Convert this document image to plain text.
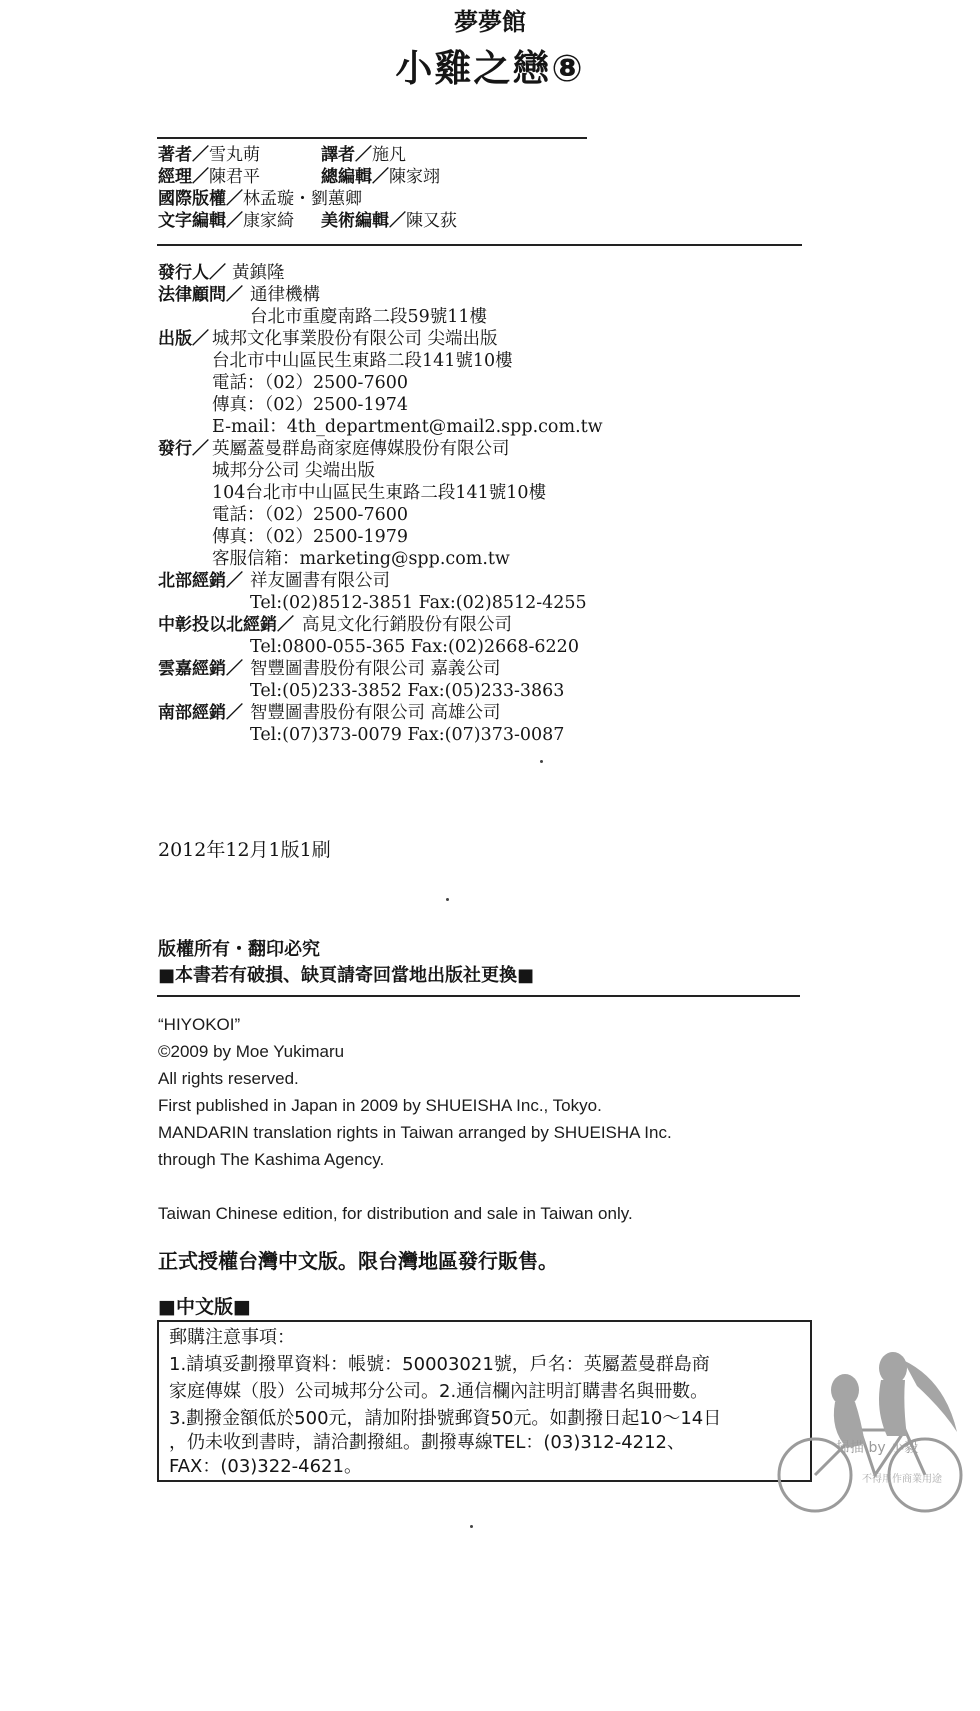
夢夢館
小雞之戀⑧
著者／雪丸萌	譯者／施凡
經理／陳君平	總編輯／陳家翊
國際版權／林孟璇・劉蕙卿
文字編輯／康家綺 美術編輯／陳又荻
發行人／ 黃鎮隆
法律顧問／ 通律機構
台北市重慶南路二段59號11樓
出版／ 城邦文化事業股份有限公司 尖端出版
台北市中山區民生東路二段141號10樓
電話：（02）2500-7600
傳真：（02）2500-1974
E-mail：4th_department@mail2.spp.com.tw
發行／ 英屬蓋曼群島商家庭傳媒股份有限公司
城邦分公司 尖端出版
104台北市中山區民生東路二段141號10樓
電話：（02）2500-7600
傳真：（02）2500-1979
客服信箱：marketing@spp.com.tw
北部經銷／ 祥友圖書有限公司
Tel:(02)8512-3851 Fax:(02)8512-4255
中彰投以北經銷／ 高見文化行銷股份有限公司
Tel:0800-055-365 Fax:(02)2668-6220
雲嘉經銷／ 智豐圖書股份有限公司 嘉義公司
Tel:(05)233-3852 Fax:(05)233-3863
南部經銷／ 智豐圖書股份有限公司 高雄公司
Tel:(07)373-0079 Fax:(07)373-0087
2012年12月1版1刷
版權所有・翻印必究
■本書若有破損、缺頁請寄回當地出版社更換■
“HIYOKOI”
©2009 by Moe Yukimaru
All rights reserved.
First published in Japan in 2009 by SHUEISHA Inc., Tokyo.
MANDARIN translation rights in Taiwan arranged by SHUEISHA Inc.
through The Kashima Agency.
Taiwan Chinese edition, for distribution and sale in Taiwan only.
正式授權台灣中文版。限台灣地區發行販售。
■中文版■
郵購注意事項：
1.請填妥劃撥單資料：帳號：50003021號，戶名：英屬蓋曼群島商
家庭傳媒（股）公司城邦分公司。2.通信欄內註明訂購書名與冊數。
3.劃撥金額低於500元，請加附掛號郵資50元。如劃撥日起10～14日
，仍未收到書時，請洽劃撥組。劃撥專線TEL：(03)312-4212、
FAX：(03)322-4621。
掃描 by 小毅
不得用作商業用途
